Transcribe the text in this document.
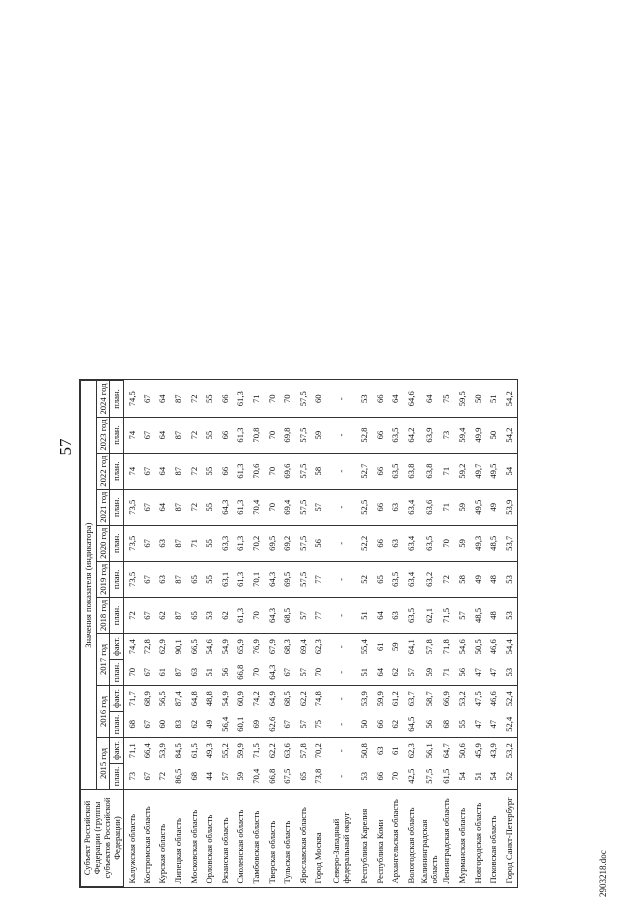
57
2903218.doc
Субъект Российской Федерации (группы субъектов Российской Федерации)	Значения показателя (индикатора)												
	2015 год		2016 год		2017 год		2018 год	2019 год	2020 год	2021 год	2022 год	2023 год	2024 год
	план.	факт.	план.	факт.	план.	факт.	план.	план.	план.	план.	план.	план.	план.
Калужская область	73	71,1	68	71,7	70	74,4	72	73,5	73,5	73,5	74	74	74,5
Костромская область	67	66,4	67	68,9	67	72,8	67	67	67	67	67	67	67
Курская область	72	53,9	60	56,5	61	62,9	62	63	63	64	64	64	64
Липецкая область	86,5	84,5	83	87,4	87	90,1	87	87	87	87	87	87	87
Московская область	68	61,5	62	64,8	63	66,5	65	65	71	72	72	72	72
Орловская область	44	49,3	49	48,8	51	54,6	53	55	55	55	55	55	55
Рязанская область	57	55,2	56,4	54,9	56	54,9	62	63,1	63,3	64,3	66	66	66
Смоленская область	59	59,9	60,1	60,9	66,8	65,9	61,3	61,3	61,3	61,3	61,3	61,3	61,3
Тамбовская область	70,4	71,5	69	74,2	70	76,9	70	70,1	70,2	70,4	70,6	70,8	71
Тверская область	66,8	62,2	62,6	64,9	64,3	67,9	64,3	64,3	69,5	70	70	70	70
Тульская область	67,5	63,6	67	68,5	67	68,3	68,5	69,5	69,2	69,4	69,6	69,8	70
Ярославская область	65	57,8	57	62,2	57	69,4	57	57,5	57,5	57,5	57,5	57,5	57,5
Город Москва	73,8	70,2	75	74,8	70	62,3	77	77	56	57	58	59	60
Северо-Западный федеральный округ	-	-	-	-	-	-	-	-	-	-	-	-	-
Республика Карелия	53	50,8	50	53,9	51	55,4	51	52	52,2	52,5	52,7	52,8	53
Республика Коми	66	63	66	59,9	64	61	64	65	66	66	66	66	66
Архангельская область	70	61	62	61,2	62	59	63	63,5	63	63	63,5	63,5	64
Вологодская область	42,5	62,3	64,5	63,7	57	64,1	63,5	63,4	63,4	63,4	63,8	64,2	64,6
Калининградская область	57,5	56,1	56	58,7	59	57,8	62,1	63,2	63,5	63,6	63,8	63,9	64
Ленинградская область	61,5	64,7	68	66,9	71	71,8	71,5	72	70	71	71	73	75
Мурманская область	54	50,6	55	53,2	56	54,6	57	58	59	59	59,2	59,4	59,5
Новгородская область	51	45,9	47	47,5	47	50,5	48,5	49	49,3	49,5	49,7	49,9	50
Псковская область	54	43,9	47	46,6	47	46,6	48	48	48,5	49	49,5	50	51
Город Санкт-Петербург	52	53,2	52,4	52,4	53	54,4	53	53	53,7	53,9	54	54,2	54,2
